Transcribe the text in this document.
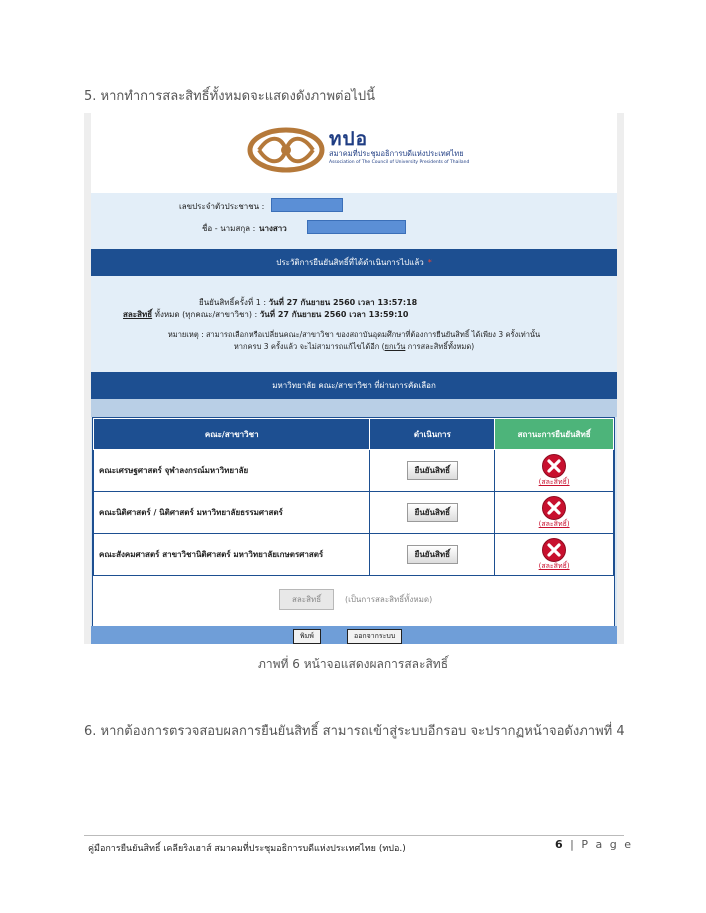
5. หากทำการสละสิทธิ์ทั้งหมดจะแสดงดังภาพต่อไปนี้
ทปอ
สมาคมที่ประชุมอธิการบดีแห่งประเทศไทย
Association of The Council of University Presidents of Thailand
เลขประจำตัวประชาชน :
ชื่อ - นามสกุล : นางสาว
ประวัติการยืนยันสิทธิ์ที่ได้ดำเนินการไปแล้ว *
ยืนยันสิทธิ์ครั้งที่ 1 : วันที่ 27 กันยายน 2560 เวลา 13:57:18
สละสิทธิ์ ทั้งหมด (ทุกคณะ/สาขาวิชา) : วันที่ 27 กันยายน 2560 เวลา 13:59:10
หมายเหตุ : สามารถเลือกหรือเปลี่ยนคณะ/สาขาวิชา ของสถาบันอุดมศึกษาที่ต้องการยืนยันสิทธิ์ ได้เพียง 3 ครั้งเท่านั้น
หากครบ 3 ครั้งแล้ว จะไม่สามารถแก้ไขได้อีก (ยกเว้น การสละสิทธิ์ทั้งหมด)
มหาวิทยาลัย คณะ/สาขาวิชา ที่ผ่านการคัดเลือก
คณะ/สาขาวิชา	ดำเนินการ	สถานะการยืนยันสิทธิ์
คณะเศรษฐศาสตร์ จุฬาลงกรณ์มหาวิทยาลัย	ยืนยันสิทธิ์	(สละสิทธิ์)

คณะนิติศาสตร์ / นิติศาสตร์ มหาวิทยาลัยธรรมศาสตร์	ยืนยันสิทธิ์	(สละสิทธิ์)

คณะสังคมศาสตร์ สาขาวิชานิติศาสตร์ มหาวิทยาลัยเกษตรศาสตร์	ยืนยันสิทธิ์	(สละสิทธิ์)
สละสิทธิ์	(เป็นการสละสิทธิ์ทั้งหมด)
พิมพ์	ออกจากระบบ
ภาพที่ 6 หน้าจอแสดงผลการสละสิทธิ์
6. หากต้องการตรวจสอบผลการยืนยันสิทธิ์ สามารถเข้าสู่ระบบอีกรอบ จะปรากฏหน้าจอดังภาพที่ 4
คู่มือการยืนยันสิทธิ์ เคลียริงเฮาส์ สมาคมที่ประชุมอธิการบดีแห่งประเทศไทย (ทปอ.)	6 | P a g e
